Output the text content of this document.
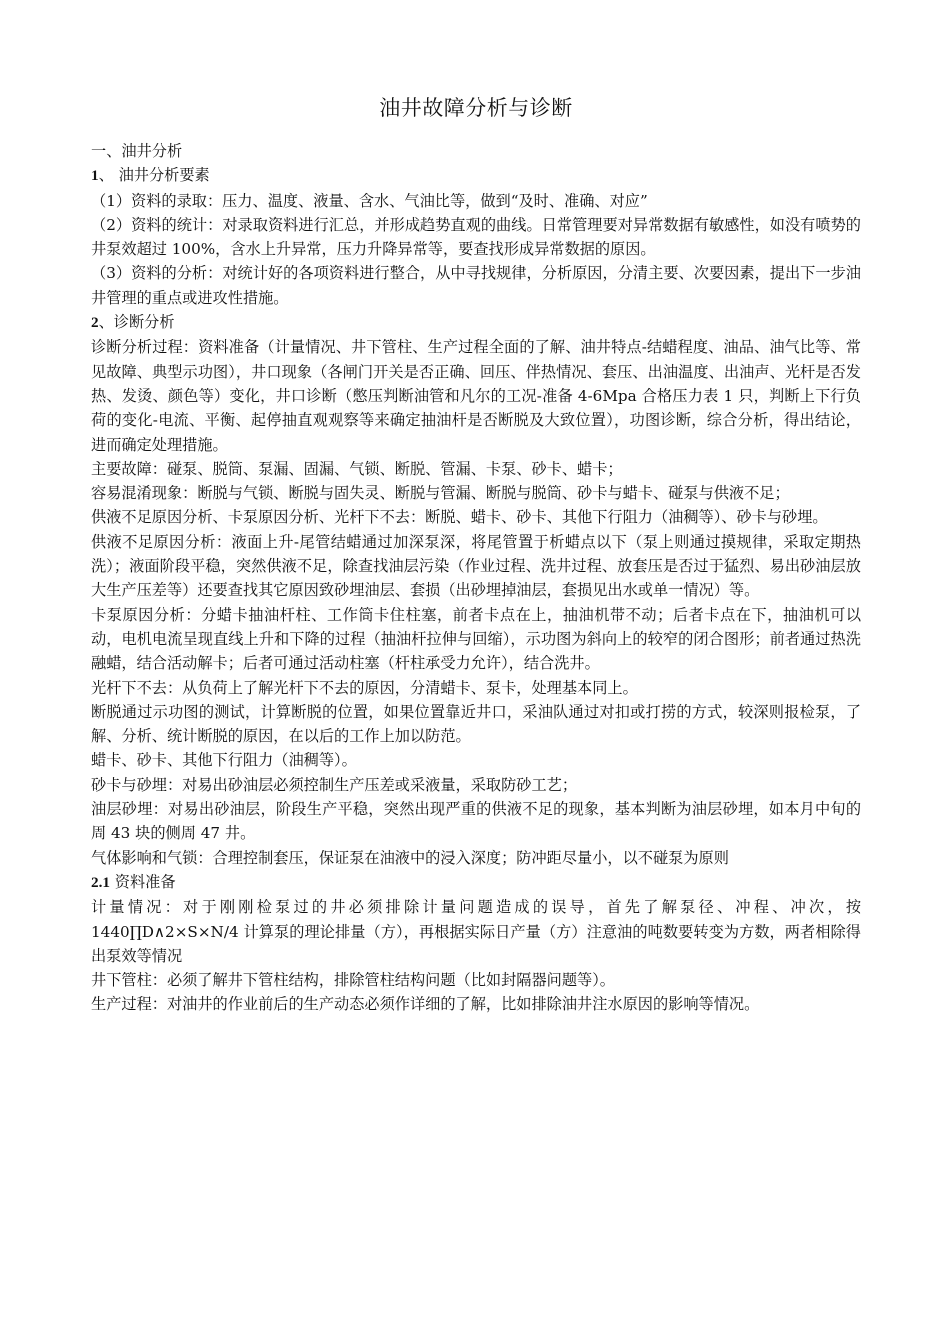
油井故障分析与诊断

一、油井分析

1、 油井分析要素

（1）资料的录取：压力、温度、液量、含水、气油比等，做到“及时、准确、对应”

（2）资料的统计：对录取资料进行汇总，并形成趋势直观的曲线。日常管理要对异常数据有敏感性，如没有喷势的井泵效超过 100%，含水上升异常，压力升降异常等，要查找形成异常数据的原因。

（3）资料的分析：对统计好的各项资料进行整合，从中寻找规律，分析原因，分清主要、次要因素，提出下一步油井管理的重点或进攻性措施。

2、诊断分析

诊断分析过程：资料准备（计量情况、井下管柱、生产过程全面的了解、油井特点-结蜡程度、油品、油气比等、常见故障、典型示功图），井口现象（各闸门开关是否正确、回压、伴热情况、套压、出油温度、出油声、光杆是否发热、发烫、颜色等）变化，井口诊断（憋压判断油管和凡尔的工况-准备 4-6Mpa 合格压力表 1 只，判断上下行负荷的变化-电流、平衡、起停抽直观观察等来确定抽油杆是否断脱及大致位置），功图诊断，综合分析，得出结论，进而确定处理措施。

主要故障：碰泵、脱筒、泵漏、固漏、气锁、断脱、管漏、卡泵、砂卡、蜡卡；

容易混淆现象：断脱与气锁、断脱与固失灵、断脱与管漏、断脱与脱筒、砂卡与蜡卡、碰泵与供液不足；

供液不足原因分析、卡泵原因分析、光杆下不去：断脱、蜡卡、砂卡、其他下行阻力（油稠等）、砂卡与砂埋。

供液不足原因分析：液面上升-尾管结蜡通过加深泵深，将尾管置于析蜡点以下（泵上则通过摸规律，采取定期热洗）；液面阶段平稳，突然供液不足，除查找油层污染（作业过程、洗井过程、放套压是否过于猛烈、易出砂油层放大生产压差等）还要查找其它原因致砂埋油层、套损（出砂埋掉油层，套损见出水或单一情况）等。

卡泵原因分析：分蜡卡抽油杆柱、工作筒卡住柱塞，前者卡点在上，抽油机带不动；后者卡点在下，抽油机可以动，电机电流呈现直线上升和下降的过程（抽油杆拉伸与回缩），示功图为斜向上的较窄的闭合图形；前者通过热洗融蜡，结合活动解卡；后者可通过活动柱塞（杆柱承受力允许），结合洗井。

光杆下不去：从负荷上了解光杆下不去的原因，分清蜡卡、泵卡，处理基本同上。

断脱通过示功图的测试，计算断脱的位置，如果位置靠近井口，采油队通过对扣或打捞的方式，较深则报检泵，了解、分析、统计断脱的原因，在以后的工作上加以防范。

蜡卡、砂卡、其他下行阻力（油稠等）。

砂卡与砂埋：对易出砂油层必须控制生产压差或采液量，采取防砂工艺；

油层砂埋：对易出砂油层，阶段生产平稳，突然出现严重的供液不足的现象，基本判断为油层砂埋，如本月中旬的周 43 块的侧周 47 井。

气体影响和气锁：合理控制套压，保证泵在油液中的浸入深度；防冲距尽量小，以不碰泵为原则

2.1 资料准备

计量情况：对于刚刚检泵过的井必须排除计量问题造成的误导，首先了解泵径、冲程、冲次，按 1440∏D∧2×S×N/4 计算泵的理论排量（方），再根据实际日产量（方）注意油的吨数要转变为方数，两者相除得出泵效等情况

井下管柱：必须了解井下管柱结构，排除管柱结构问题（比如封隔器问题等）。

生产过程：对油井的作业前后的生产动态必须作详细的了解，比如排除油井注水原因的影响等情况。
